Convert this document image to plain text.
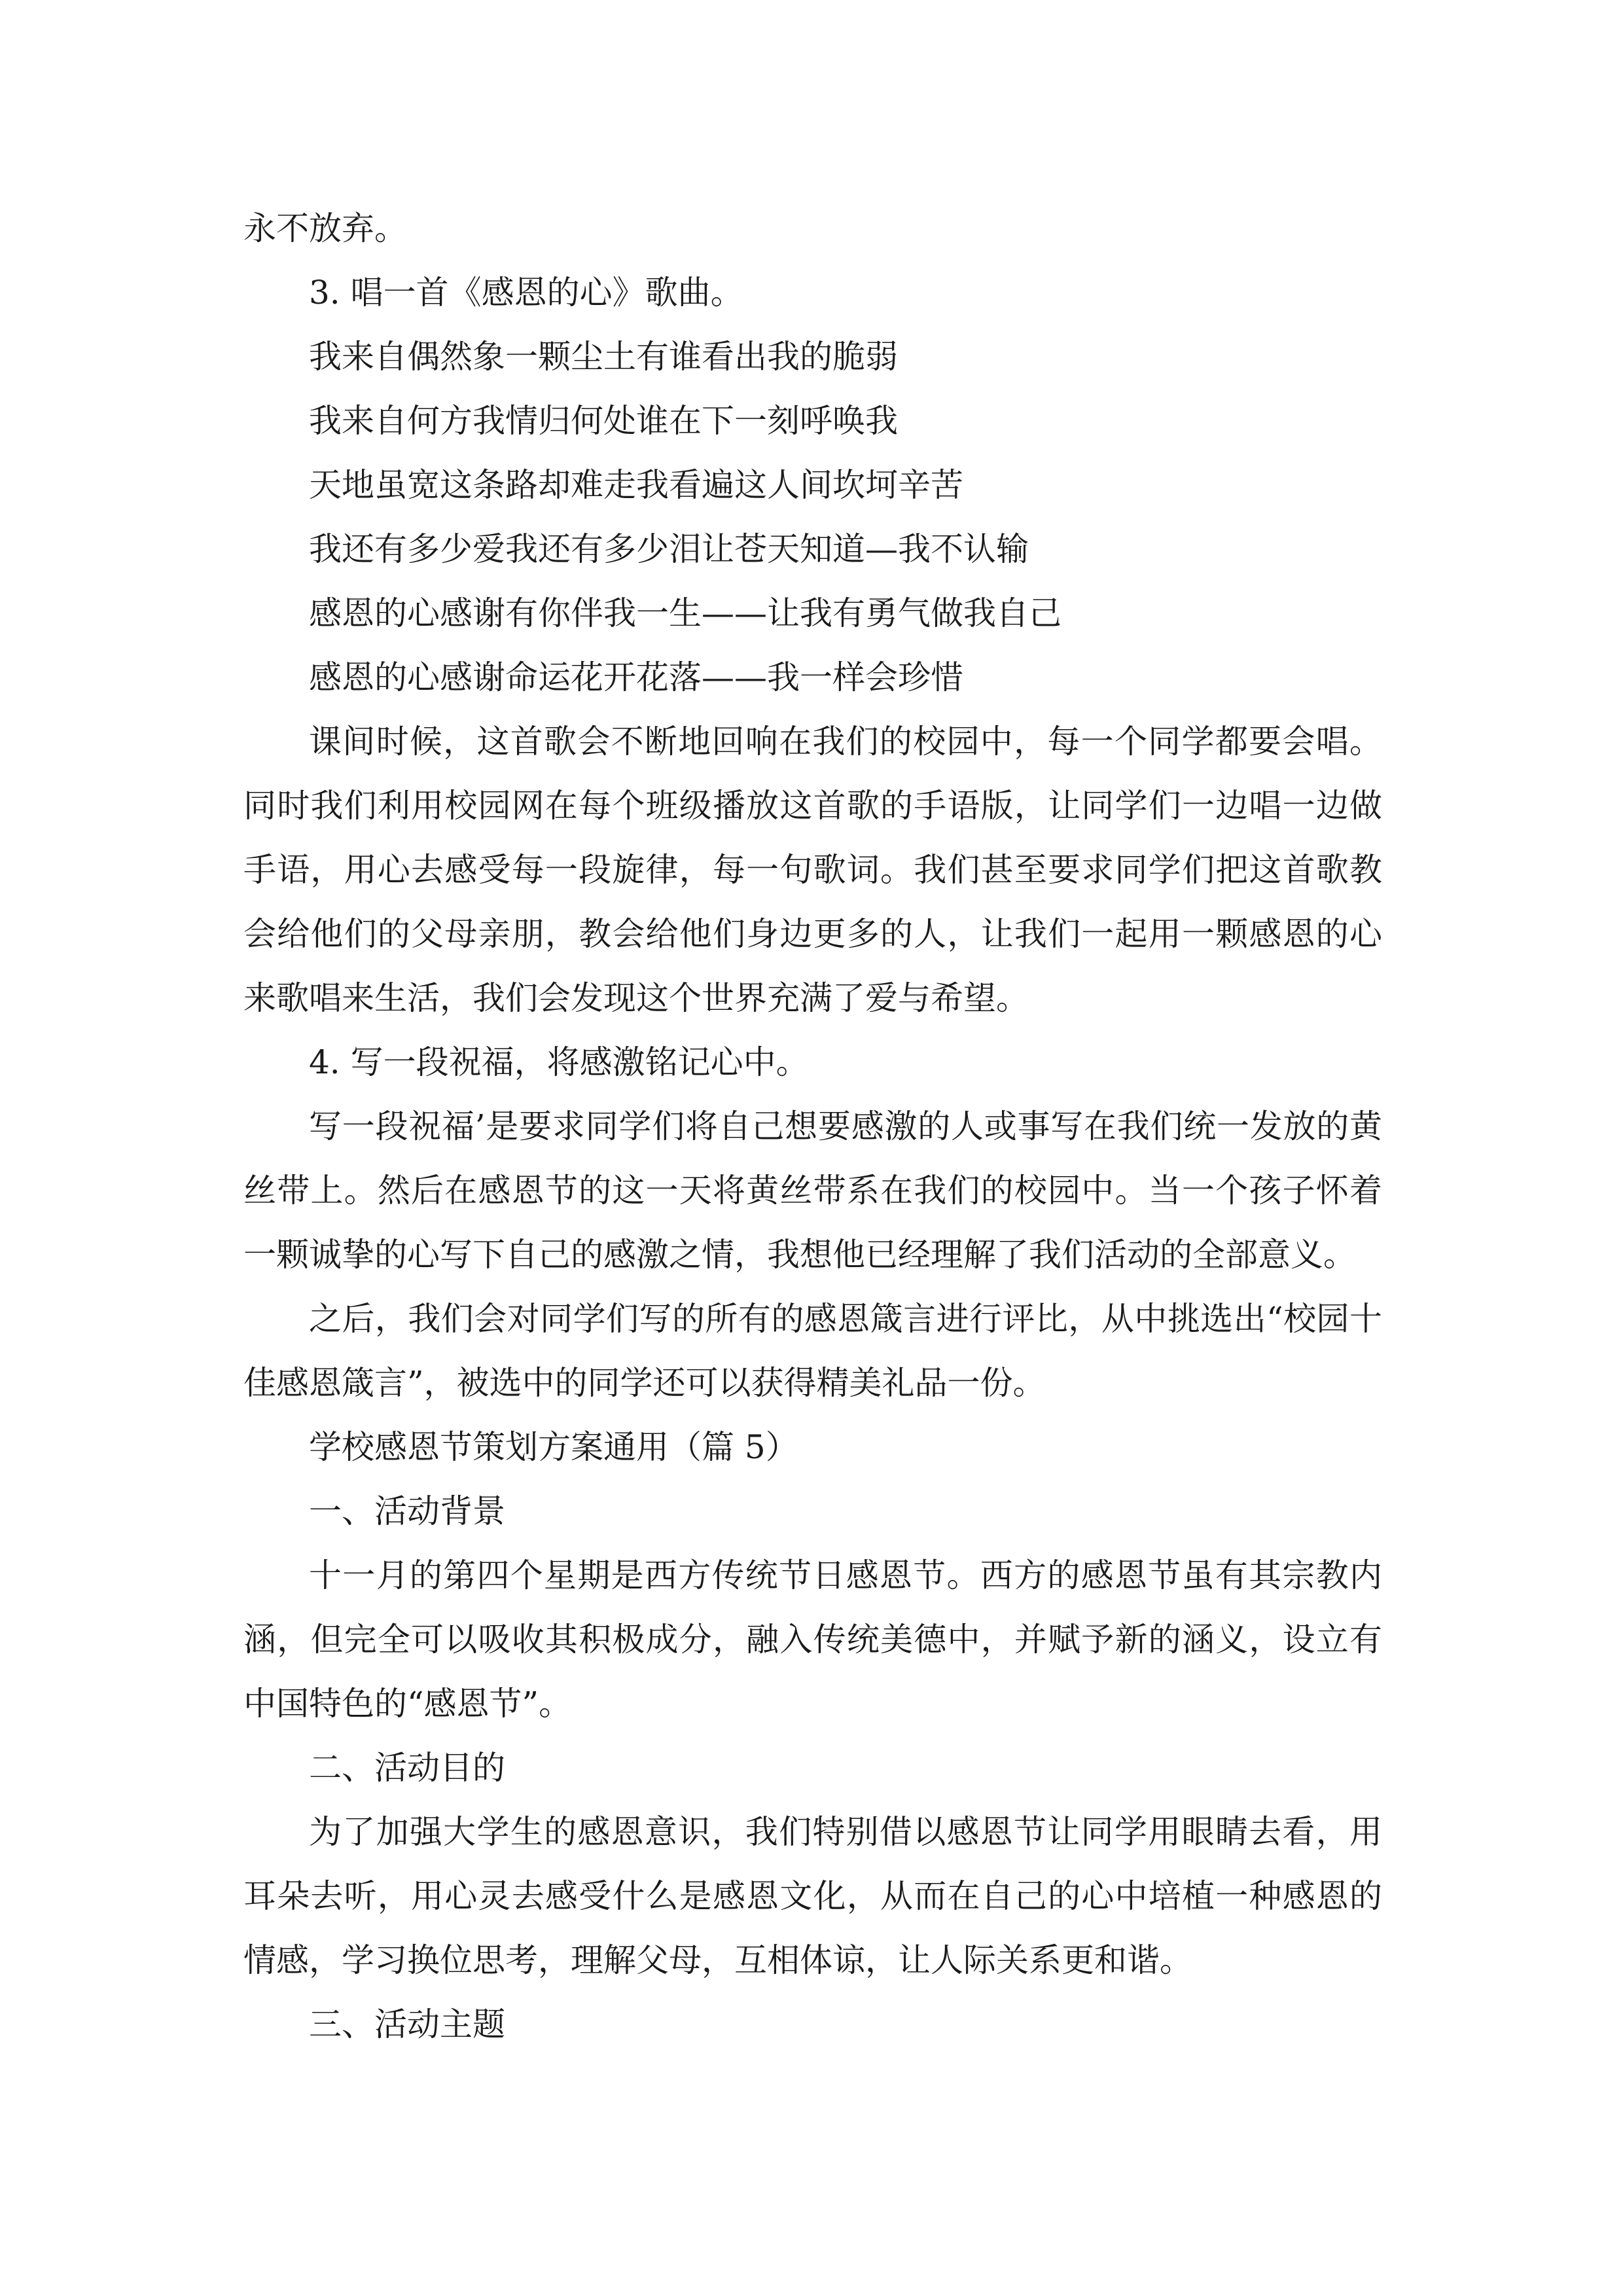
永不放弃。

3. 唱一首《感恩的心》歌曲。

我来自偶然象一颗尘土有谁看出我的脆弱

我来自何方我情归何处谁在下一刻呼唤我

天地虽宽这条路却难走我看遍这人间坎坷辛苦

我还有多少爱我还有多少泪让苍天知道—我不认输

感恩的心感谢有你伴我一生——让我有勇气做我自己

感恩的心感谢命运花开花落——我一样会珍惜

课间时候，这首歌会不断地回响在我们的校园中，每一个同学都要会唱。同时我们利用校园网在每个班级播放这首歌的手语版，让同学们一边唱一边做手语，用心去感受每一段旋律，每一句歌词。我们甚至要求同学们把这首歌教会给他们的父母亲朋，教会给他们身边更多的人，让我们一起用一颗感恩的心来歌唱来生活，我们会发现这个世界充满了爱与希望。

4. 写一段祝福，将感激铭记心中。

写一段祝福’是要求同学们将自己想要感激的人或事写在我们统一发放的黄丝带上。然后在感恩节的这一天将黄丝带系在我们的校园中。当一个孩子怀着一颗诚挚的心写下自己的感激之情，我想他已经理解了我们活动的全部意义。

之后，我们会对同学们写的所有的感恩箴言进行评比，从中挑选出“校园十佳感恩箴言”，被选中的同学还可以获得精美礼品一份。

学校感恩节策划方案通用（篇 5）

一、活动背景

十一月的第四个星期是西方传统节日感恩节。西方的感恩节虽有其宗教内涵，但完全可以吸收其积极成分，融入传统美德中，并赋予新的涵义，设立有中国特色的“感恩节”。

二、活动目的

为了加强大学生的感恩意识，我们特别借以感恩节让同学用眼睛去看，用耳朵去听，用心灵去感受什么是感恩文化，从而在自己的心中培植一种感恩的情感，学习换位思考，理解父母，互相体谅，让人际关系更和谐。

三、活动主题
